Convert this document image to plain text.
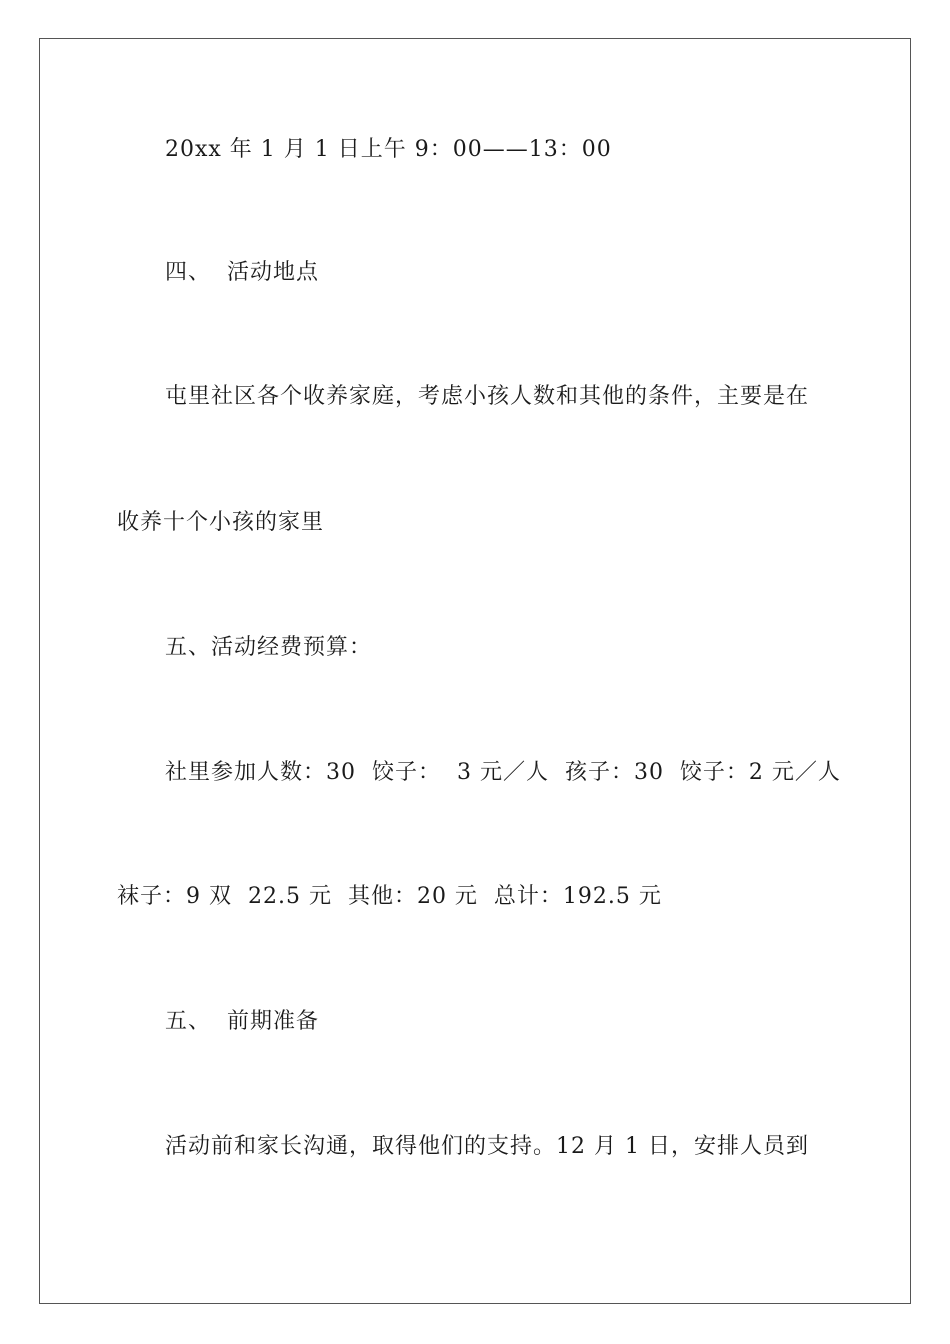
20xx 年 1 月 1 日上午 9：00——13：00
四、  活动地点
屯里社区各个收养家庭，考虑小孩人数和其他的条件，主要是在
收养十个小孩的家里
五、活动经费预算：
社里参加人数：30  饺子：  3 元／人  孩子：30  饺子：2 元／人
袜子：9 双  22.5 元  其他：20 元  总计：192.5 元
五、  前期准备
活动前和家长沟通，取得他们的支持。12 月 1 日，安排人员到
